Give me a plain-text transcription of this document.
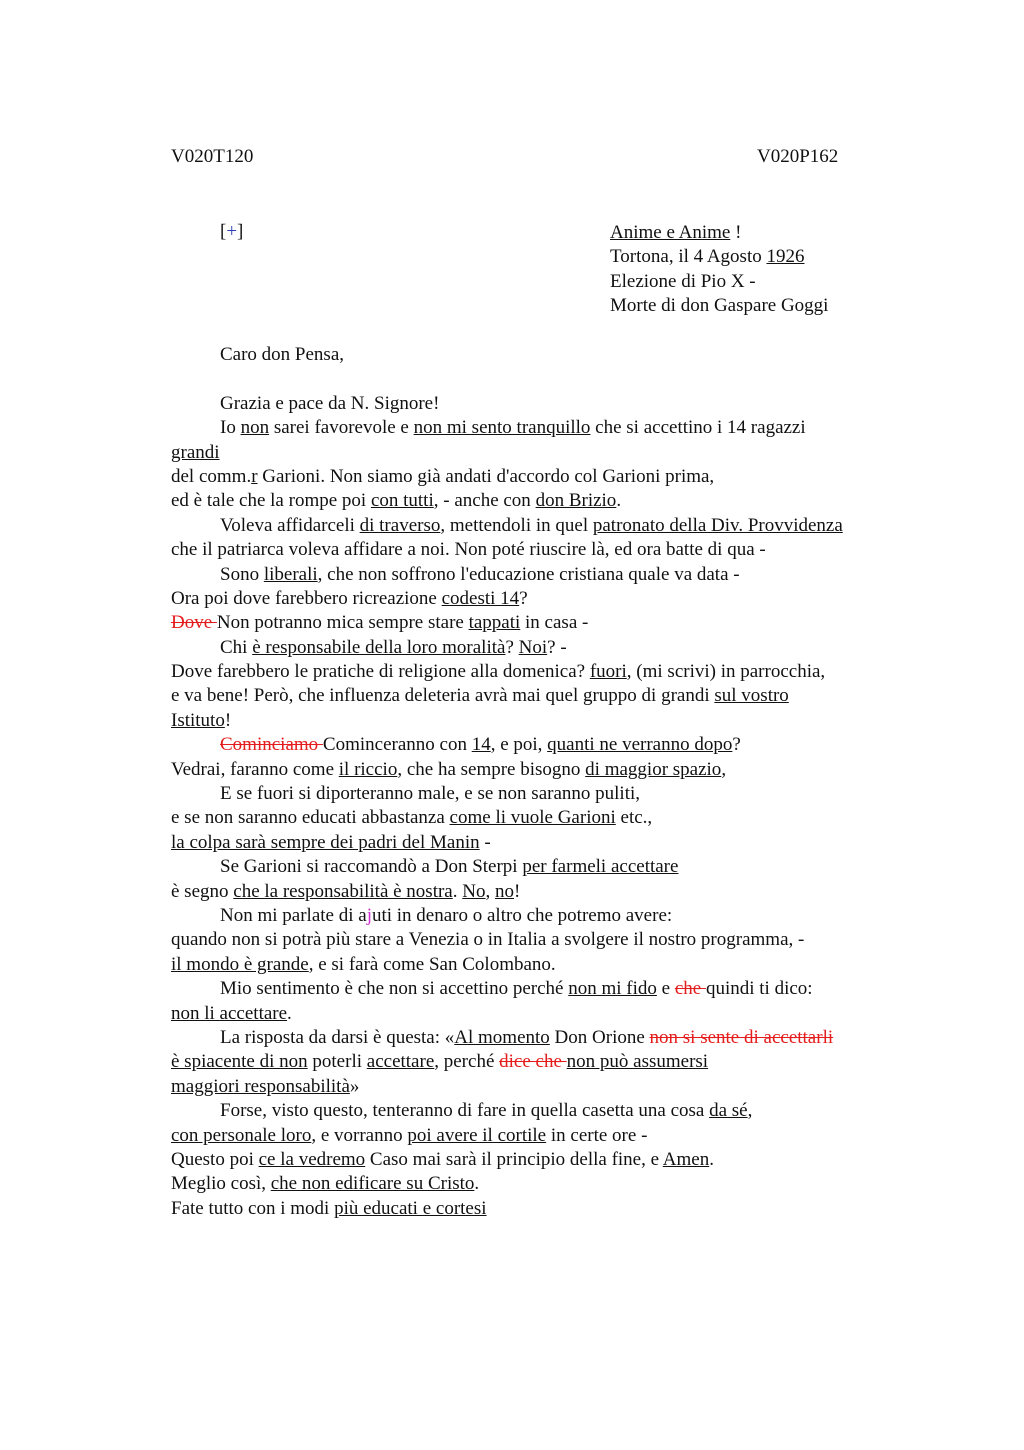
V020T120	V020P162
[+]	Anime e Anime !
Tortona, il 4 Agosto 1926
Elezione di Pio X -
Morte di don Gaspare Goggi
Caro don Pensa,
Grazia e pace da N. Signore!
Io non sarei favorevole e non mi sento tranquillo che si accettino i 14 ragazzi
grandi
del comm.r Garioni. Non siamo già andati d'accordo col Garioni prima,
ed è tale che la rompe poi con tutti, - anche con don Brizio.
Voleva affidarceli di traverso, mettendoli in quel patronato della Div. Provvidenza
che il patriarca voleva affidare a noi. Non poté riuscire là, ed ora batte di qua -
Sono liberali, che non soffrono l'educazione cristiana quale va data -
Ora poi dove farebbero ricreazione codesti 14?
Dove Non potranno mica sempre stare tappati in casa -
Chi è responsabile della loro moralità? Noi? -
Dove farebbero le pratiche di religione alla domenica? fuori, (mi scrivi) in parrocchia,
e va bene! Però, che influenza deleteria avrà mai quel gruppo di grandi sul vostro
Istituto!
Cominciamo Cominceranno con 14, e poi, quanti ne verranno dopo?
Vedrai, faranno come il riccio, che ha sempre bisogno di maggior spazio,
E se fuori si diporteranno male, e se non saranno puliti,
e se non saranno educati abbastanza come li vuole Garioni etc.,
la colpa sarà sempre dei padri del Manin -
Se Garioni si raccomandò a Don Sterpi per farmeli accettare
è segno che la responsabilità è nostra. No, no!
Non mi parlate di ajuti in denaro o altro che potremo avere:
quando non si potrà più stare a Venezia o in Italia a svolgere il nostro programma, -
il mondo è grande, e si farà come San Colombano.
Mio sentimento è che non si accettino perché non mi fido e che quindi ti dico:
non li accettare.
La risposta da darsi è questa: «Al momento Don Orione non si sente di accettarli
è spiacente di non poterli accettare, perché dice che non può assumersi
maggiori responsabilità»
Forse, visto questo, tenteranno di fare in quella casetta una cosa da sé,
con personale loro, e vorranno poi avere il cortile in certe ore -
Questo poi ce la vedremo Caso mai sarà il principio della fine, e Amen.
Meglio così, che non edificare su Cristo.
Fate tutto con i modi più educati e cortesi
